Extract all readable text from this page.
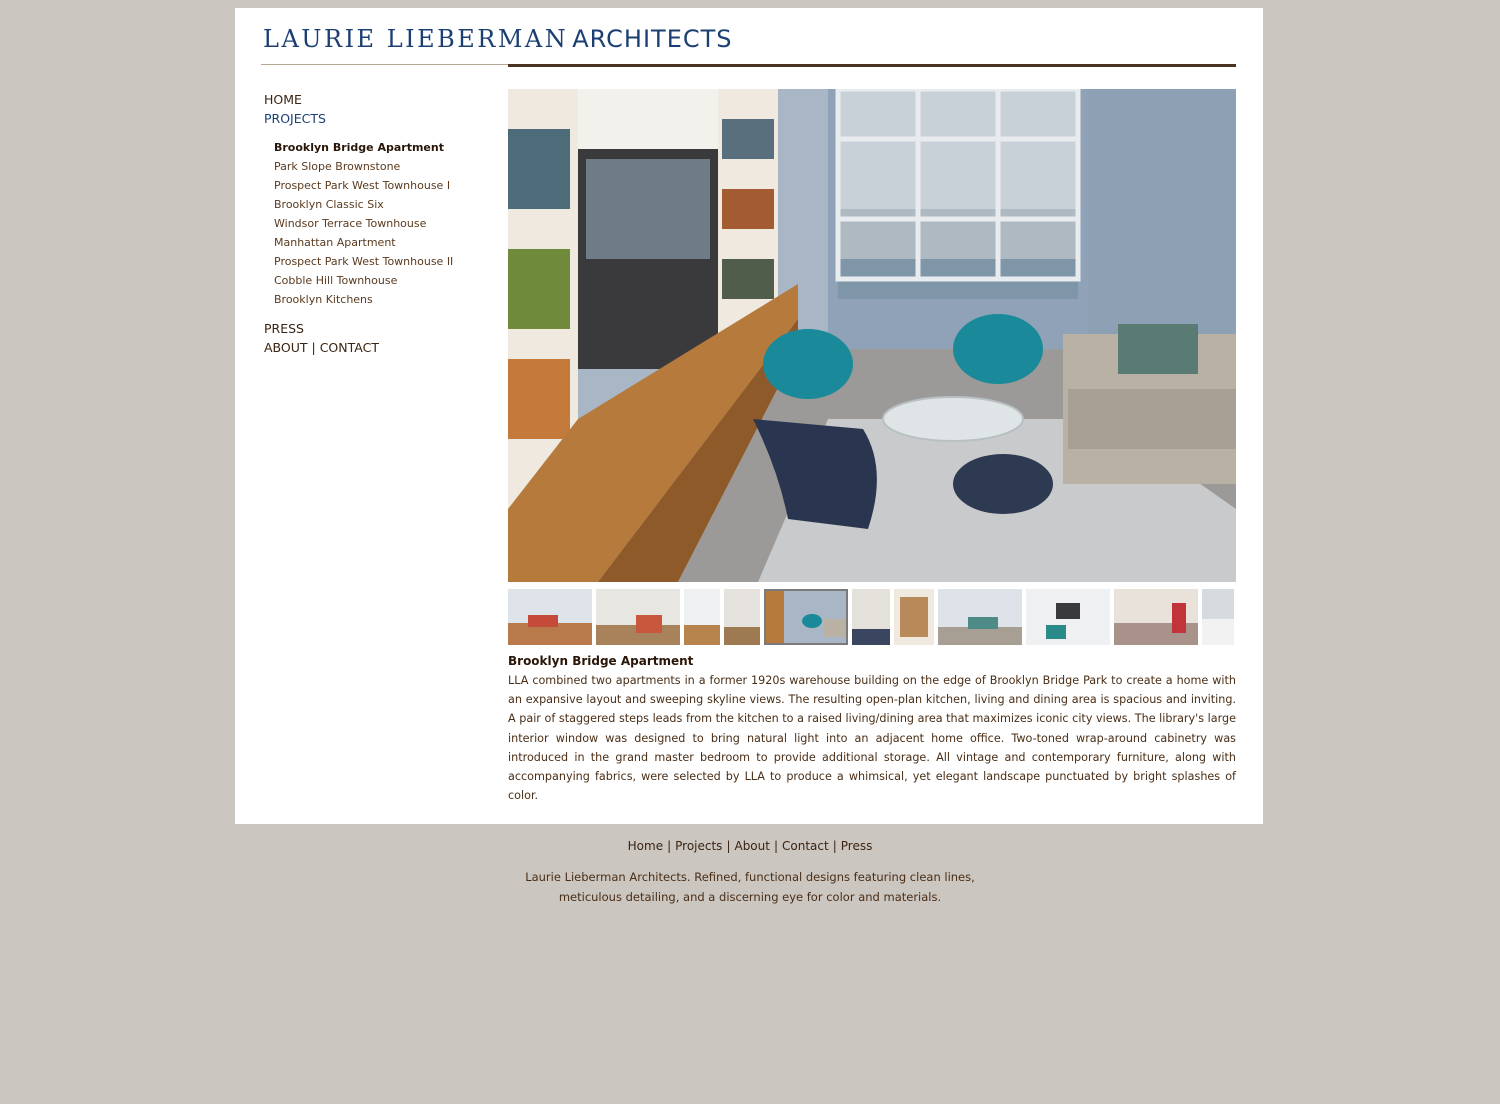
LAURIE LIEBERMAN ARCHITECTS
HOME
PROJECTS
Brooklyn Bridge Apartment
Park Slope Brownstone
Prospect Park West Townhouse I
Brooklyn Classic Six
Windsor Terrace Townhouse
Manhattan Apartment
Prospect Park West Townhouse II
Cobble Hill Townhouse
Brooklyn Kitchens
PRESS
ABOUT | CONTACT
Brooklyn Bridge Apartment

LLA combined two apartments in a former 1920s warehouse building on the edge of Brooklyn Bridge Park to create a home with an expansive layout and sweeping skyline views. The resulting open-plan kitchen, living and dining area is spacious and inviting. A pair of staggered steps leads from the kitchen to a raised living/dining area that maximizes iconic city views. The library's large interior window was designed to bring natural light into an adjacent home office. Two-toned wrap-around cabinetry was introduced in the grand master bedroom to provide additional storage. All vintage and contemporary furniture, along with accompanying fabrics, were selected by LLA to produce a whimsical, yet elegant landscape punctuated by bright splashes of color.

Home | Projects | About | Contact | Press
Laurie Lieberman Architects. Refined, functional designs featuring clean lines,
meticulous detailing, and a discerning eye for color and materials.
